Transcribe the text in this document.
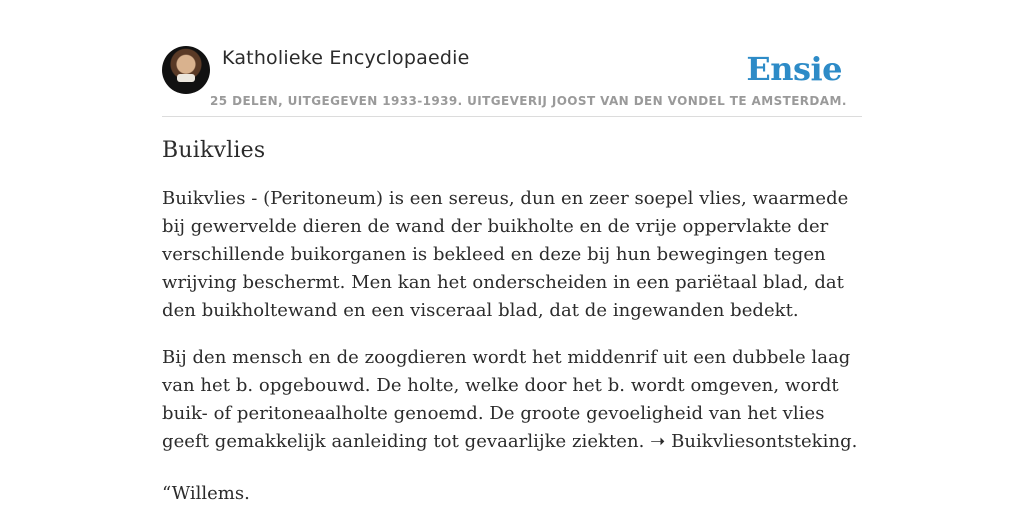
Katholieke Encyclopaedie
25 DELEN, UITGEGEVEN 1933-1939. UITGEVERIJ JOOST VAN DEN VONDEL TE AMSTERDAM.
Ensie
Buikvlies

Buikvlies - (Peritoneum) is een sereus, dun en zeer soepel vlies, waarmede bij gewervelde dieren de wand der buikholte en de vrije oppervlakte der verschillende buikorganen is bekleed en deze bij hun bewegingen tegen wrijving beschermt. Men kan het onderscheiden in een pariëtaal blad, dat den buikholtewand en een visceraal blad, dat de ingewanden bedekt.

Bij den mensch en de zoogdieren wordt het middenrif uit een dubbele laag van het b. opgebouwd. De holte, welke door het b. wordt omgeven, wordt buik- of peritoneaalholte genoemd. De groote gevoeligheid van het vlies geeft gemakkelijk aanleiding tot gevaarlijke ziekten. ➝ Buikvliesontsteking.

“Willems.
